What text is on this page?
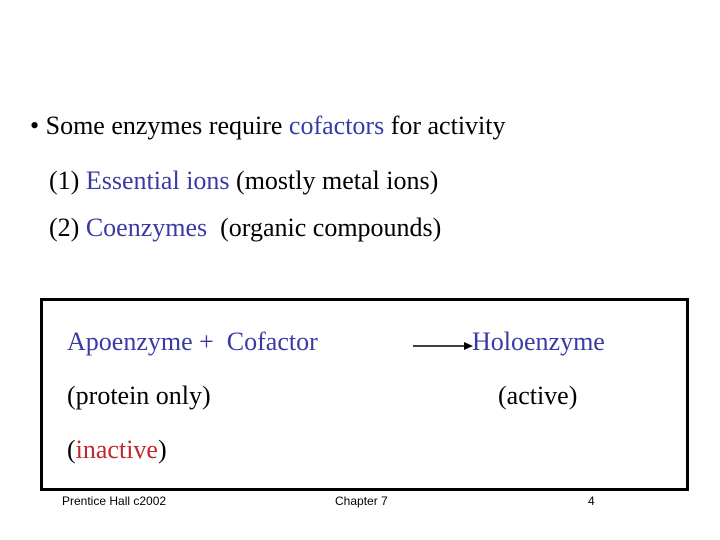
• Some enzymes require cofactors for activity
(1) Essential ions (mostly metal ions)
(2) Coenzymes  (organic compounds)
Apoenzyme +  Cofactor	→ Holoenzyme
(protein only)	(active)
(inactive)
Prentice Hall c2002	Chapter 7	4
